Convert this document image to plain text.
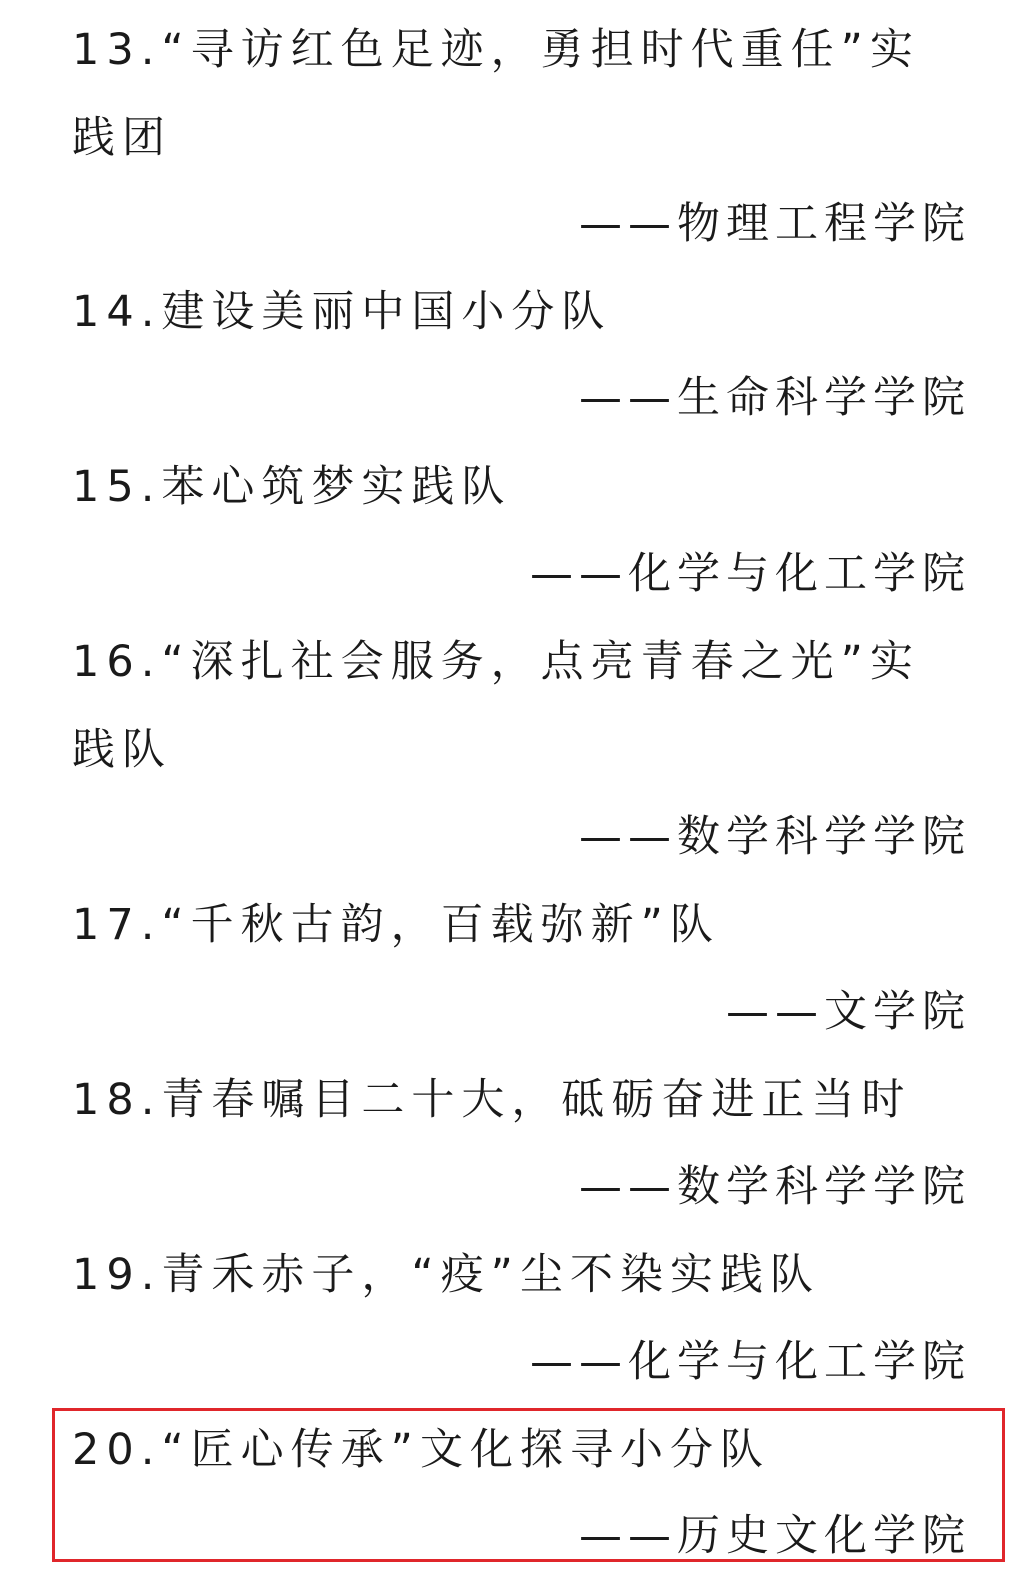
13.“寻访红色足迹，勇担时代重任”实
践团
——物理工程学院
14.建设美丽中国小分队
——生命科学学院
15.苯心筑梦实践队
——化学与化工学院
16.“深扎社会服务，点亮青春之光”实
践队
——数学科学学院
17.“千秋古韵，百载弥新”队
——文学院
18.青春嘱目二十大，砥砺奋进正当时
——数学科学学院
19.青禾赤子，“疫”尘不染实践队
——化学与化工学院
20.“匠心传承”文化探寻小分队
——历史文化学院
